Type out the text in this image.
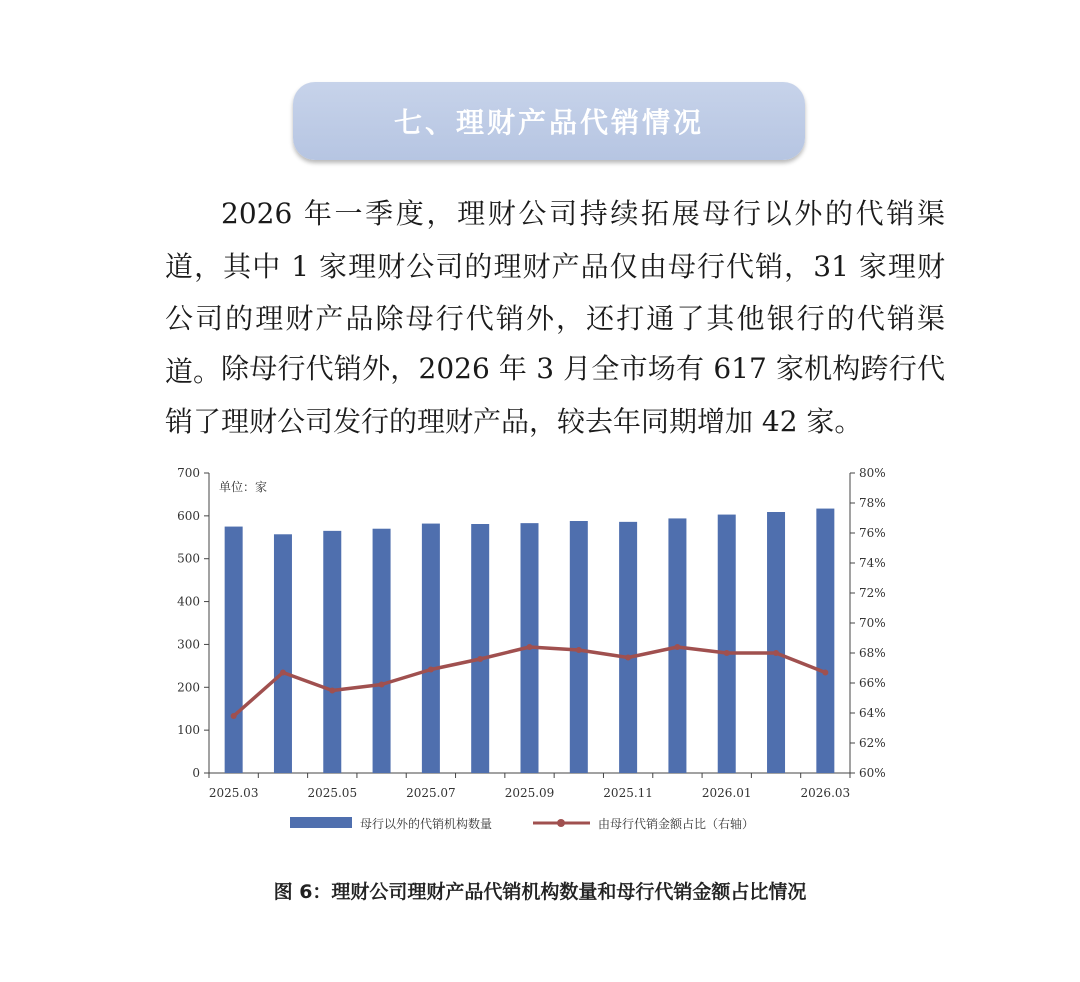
七、理财产品代销情况

2026 年一季度，理财公司持续拓展母行以外的代销渠道，其中 1 家理财公司的理财产品仅由母行代销，31 家理财公司的理财产品除母行代销外，还打通了其他银行的代销渠道。 除母行代销外，2026 年 3 月全市场有 617 家机构跨行代销了理财公司发行的理财产品，较去年同期增加 42 家。

0
100
200
300
400
500
600
700
60%
62%
64%
66%
68%
70%
72%
74%
76%
78%
80%
2025.03	2025.05	2025.07	2025.09	2025.11	2026.01	2026.03
单位：家
母行以外的代销机构数量	由母行代销金额占比（右轴）
图 6：理财公司理财产品代销机构数量和母行代销金额占比情况
